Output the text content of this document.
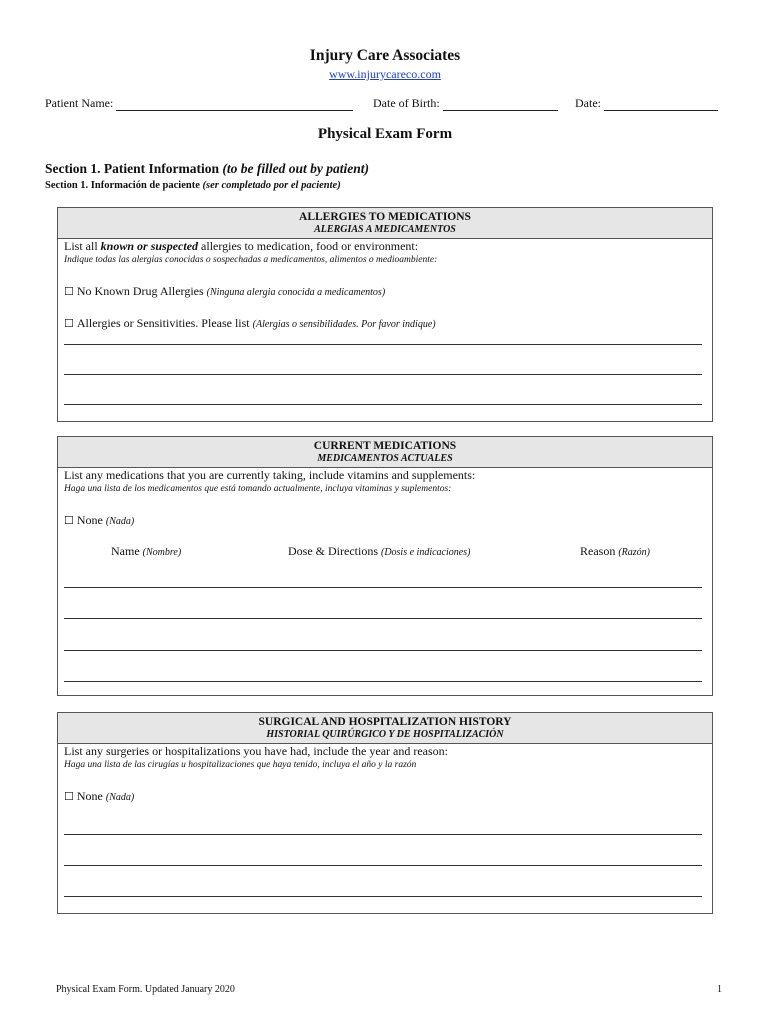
Injury Care Associates
www.injurycareco.com
Patient Name:	Date of Birth:	Date:
Physical Exam Form
Section 1. Patient Information (to be filled out by patient)
Section 1. Información de paciente (ser completado por el paciente)
ALLERGIES TO MEDICATIONS
ALERGIAS A MEDICAMENTOS
List all known or suspected allergies to medication, food or environment:
Indique todas las alergias conocidas o sospechadas a medicamentos, alimentos o medioambiente:
☐ No Known Drug Allergies (Ninguna alergia conocida a medicamentos)
☐ Allergies or Sensitivities. Please list (Alergias o sensibilidades. Por favor indique)
CURRENT MEDICATIONS
MEDICAMENTOS ACTUALES
List any medications that you are currently taking, include vitamins and supplements:
Haga una lista de los medicamentos que está tomando actualmente, incluya vitaminas y suplementos:
☐ None (Nada)
Name (Nombre)	Dose & Directions (Dosis e indicaciones)	Reason (Razón)
SURGICAL AND HOSPITALIZATION HISTORY
HISTORIAL QUIRÚRGICO Y DE HOSPITALIZACIÓN
List any surgeries or hospitalizations you have had, include the year and reason:
Haga una lista de las cirugías u hospitalizaciones que haya tenido, incluya el año y la razón
☐ None (Nada)
Physical Exam Form. Updated January 2020	1
